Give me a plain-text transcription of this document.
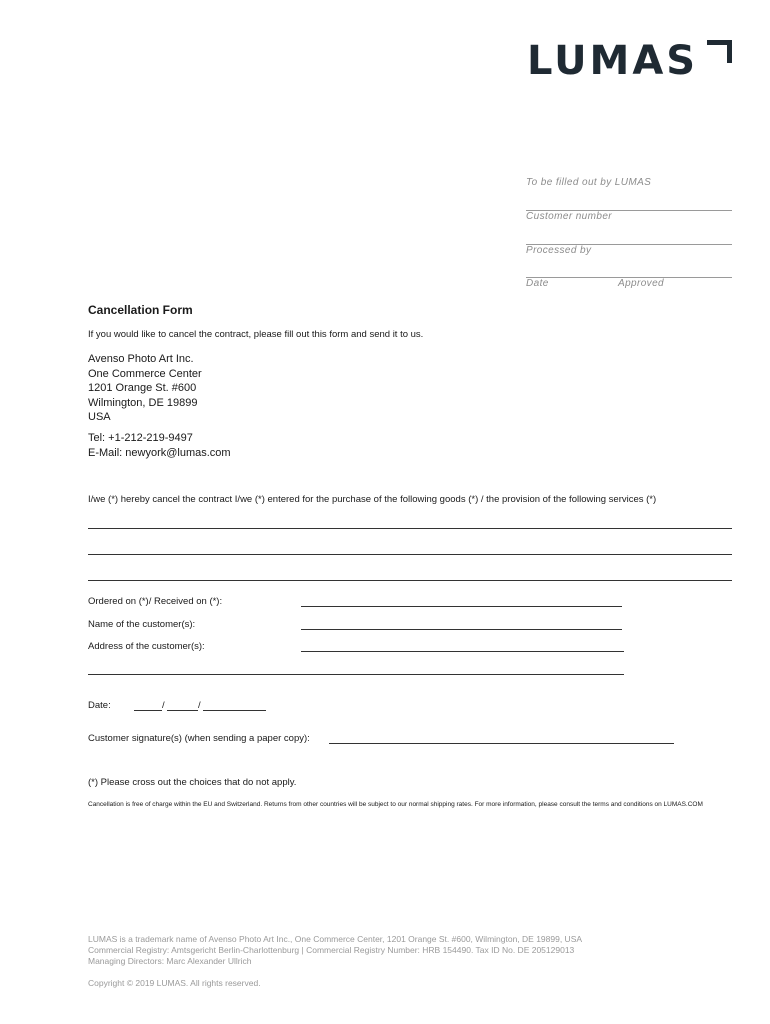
LUMAS
To be filled out by LUMAS
Customer number
Processed by
Date	Approved
Cancellation Form
If you would like to cancel the contract, please fill out this form and send it to us.
Avenso Photo Art Inc.
One Commerce Center
1201 Orange St. #600
Wilmington, DE 19899
USA
Tel: +1-212-219-9497
E-Mail: newyork@lumas.com
I/we (*) hereby cancel the contract I/we (*) entered for the purchase of the following goods (*) / the provision of the following services (*)
Ordered on (*)/ Received on (*):
Name of the customer(s):
Address of the customer(s):
Date:	/	/
Customer signature(s) (when sending a paper copy):
(*) Please cross out the choices that do not apply.
Cancellation is free of charge within the EU and Switzerland. Returns from other countries will be subject to our normal shipping rates. For more information, please consult the terms and conditions on LUMAS.COM
LUMAS is a trademark name of Avenso Photo Art Inc., One Commerce Center, 1201 Orange St. #600, Wilmington, DE 19899, USA
Commercial Registry: Amtsgericht Berlin-Charlottenburg | Commercial Registry Number: HRB 154490. Tax ID No. DE 205129013
Managing Directors: Marc Alexander Ullrich
Copyright © 2019 LUMAS. All rights reserved.
